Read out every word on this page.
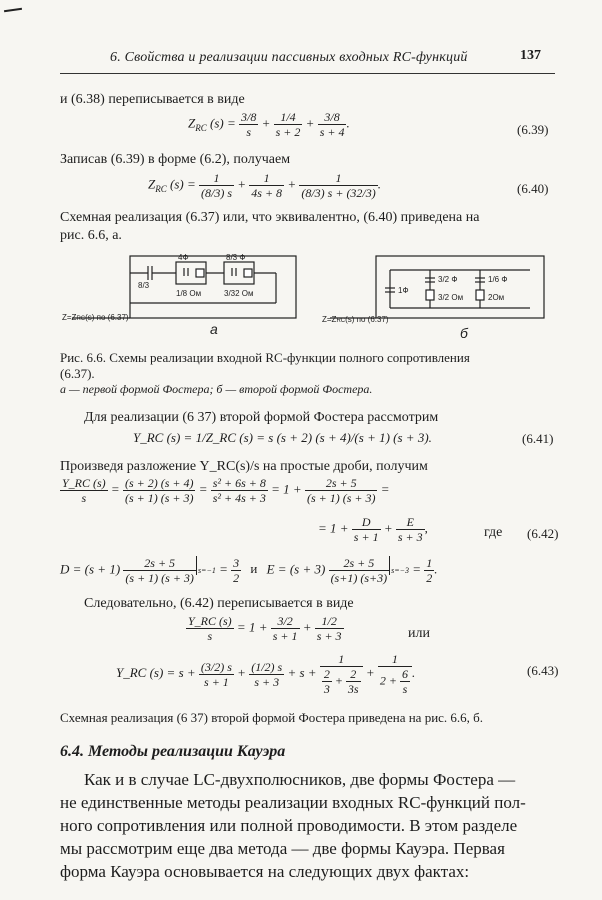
6. Свойства и реализации пассивных входных RC-функций	137
и (6.38) переписывается в виде
$Z_{RC}$ $(s) = \frac{3/8}{s} + \frac{1/4}{s + 2} + \frac{3/8}{s + 4}$ .	(6.39)
Записав (6.39) в форме (6.2), получаем
$Z_{RC}$ $(s) = \frac{1}{(8/3) s} + \frac{1}{4s + 8} + \frac{1}{(8/3) s + (32/3)}$ .	(6.40)
Схемная реализация (6.37) или, что эквивалентно, (6.40) приведена на
рис. 6.6, а.
Z=ZRC(s) по (6.37)
8/3
4Ф
1/8 Ом
8/3 Ф
3/32 Ом
Z=ZRC(s) по (6.37)
1Ф
3/2 Ф
3/2 Ом
1/6 Ф
2Ом
а	б
Рис. 6.6. Схемы реализации входной RC-функции полного сопротивления
(6.37).
а — первой формой Фостера; б — второй формой Фостера.
Для реализации (6 37) второй формой Фостера рассмотрим
Y_RC (s) = 1/Z_RC (s) = s (s + 2) (s + 4)/(s + 1) (s + 3).	(6.41)
Произведя разложение Y_RC(s)/s на простые дроби, получим
$\frac{Y\_RC (s)}{s} = \frac{(s + 2) (s + 4)}{(s + 1) (s + 3)} = \frac{\text{s² + 6s + 8}}{\text{s² + 4s + 3}} = 1 + \frac{2s + 5}{(s + 1) (s + 3)}$ =
= $1 + \frac{D}{s + 1} + \frac{E}{s + 3}$ ,	где (6.42)
$D = (s + 1) \frac{2s + 5}{(s + 1) (s + 3)} s=-1 = \frac{3}{2}$ и $E = (s + 3) \frac{2s + 5}{(s+1) (s+3)} s=-3 = \frac{1}{2}$ .
Следовательно, (6.42) переписывается в виде
$\frac{Y\_RC (s)}{s} = 1 + \frac{3/2}{s + 1} + \frac{1/2}{s + 3}$	или
Y_RC $(s) = s + \frac{(3/2) s}{s + 1} + \frac{(1/2) s}{s + 3} + s + \frac{1}{\frac{2}{3} + \frac{2}{3s}} + \frac{1}{2 + \frac{6}{s}}$ .	(6.43)
Схемная реализация (6 37) второй формой Фостера приведена на рис. 6.6, б.
6.4. Методы реализации Кауэра
Как и в случае LC-двухполюсников, две формы Фостера —
не единственные методы реализации входных RC-функций пол-
ного сопротивления или полной проводимости. В этом разделе
мы рассмотрим еще два метода — две формы Кауэра. Первая
форма Кауэра основывается на следующих двух фактах:
